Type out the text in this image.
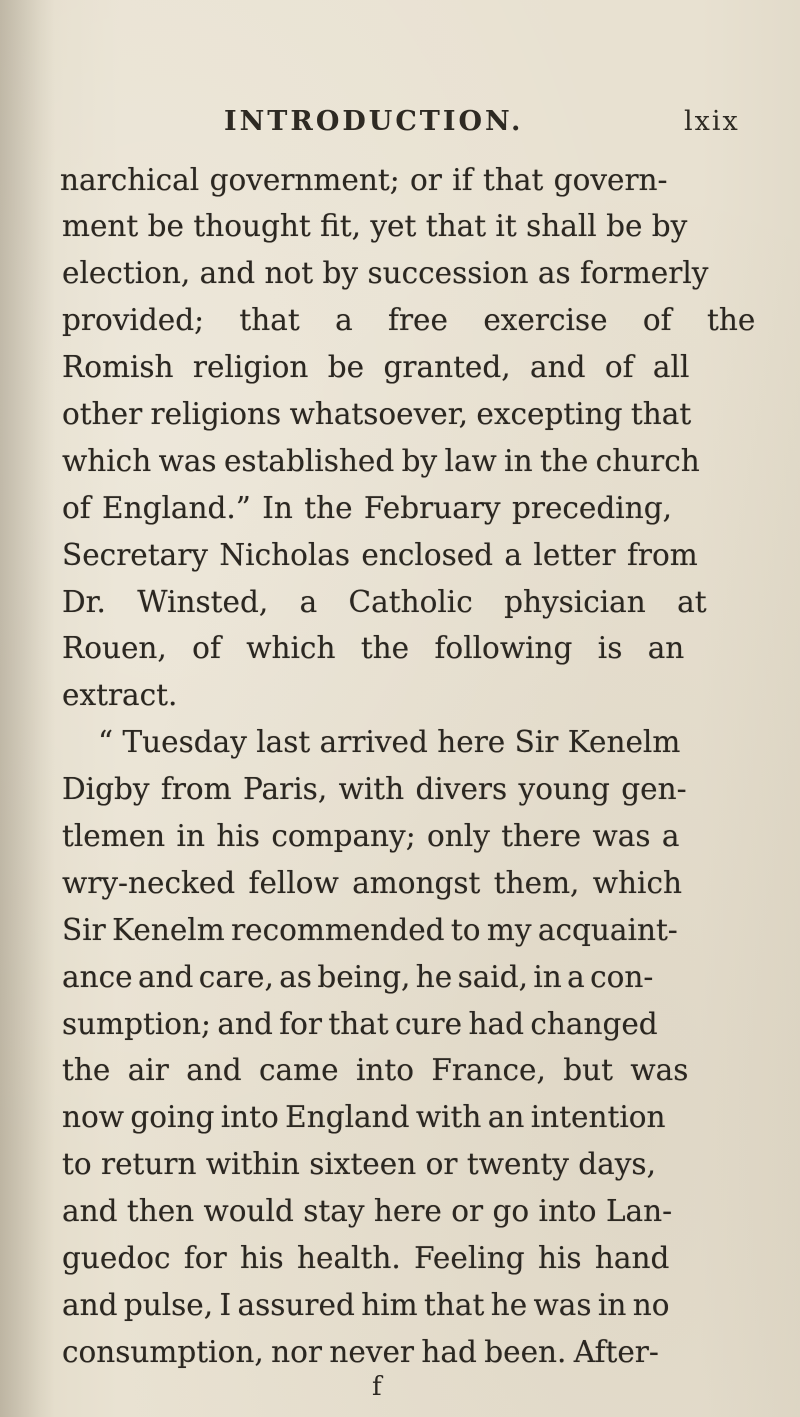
INTRODUCTION.	lxix
narchical government; or if that govern-
ment be thought fit, yet that it shall be by
election, and not by succession as formerly
provided; that a free exercise of the
Romish religion be granted, and of all
other religions whatsoever, excepting that
which was established by law in the church
of England.” In the February preceding,
Secretary Nicholas enclosed a letter from
Dr. Winsted, a Catholic physician at
Rouen, of which the following is an
extract.
“ Tuesday last arrived here Sir Kenelm
Digby from Paris, with divers young gen-
tlemen in his company; only there was a
wry-necked fellow amongst them, which
Sir Kenelm recommended to my acquaint-
ance and care, as being, he said, in a con-
sumption; and for that cure had changed
the air and came into France, but was
now going into England with an intention
to return within sixteen or twenty days,
and then would stay here or go into Lan-
guedoc for his health. Feeling his hand
and pulse, I assured him that he was in no
consumption, nor never had been. After-
f
